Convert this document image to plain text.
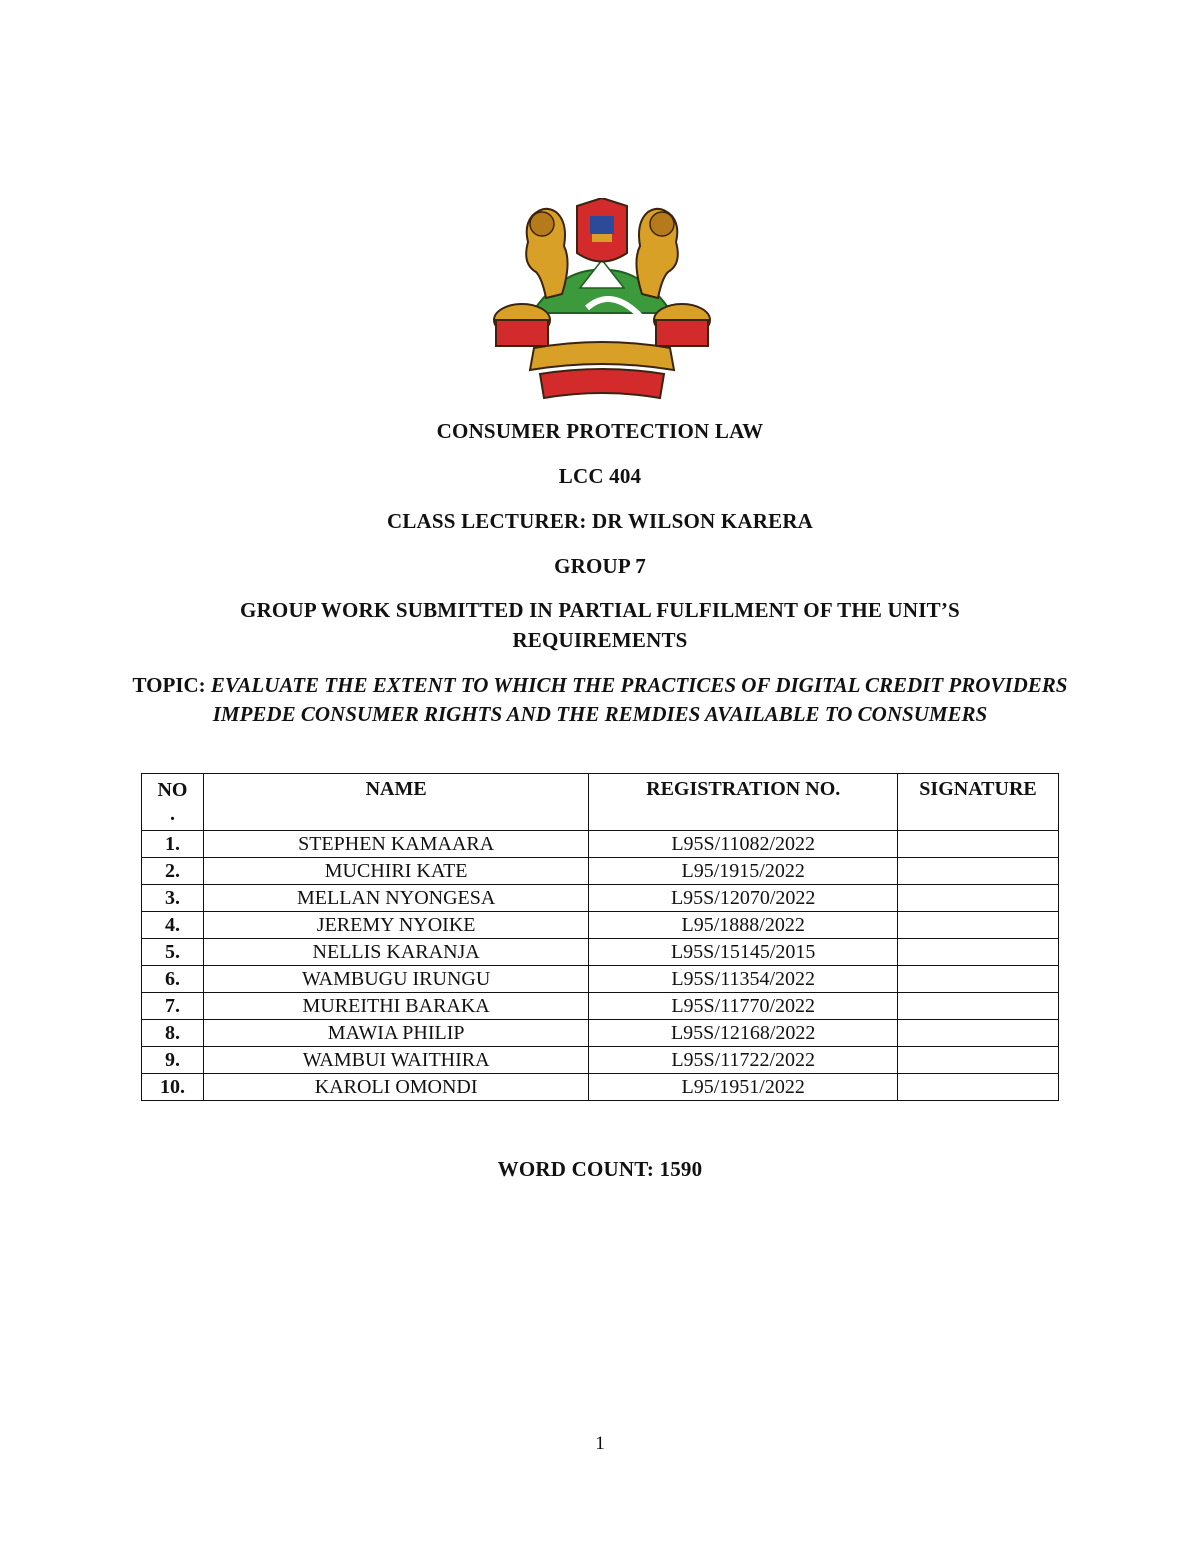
CONSUMER PROTECTION LAW
LCC 404
CLASS LECTURER: DR WILSON KARERA
GROUP 7
GROUP WORK SUBMITTED IN PARTIAL FULFILMENT OF THE UNIT’S
REQUIREMENTS
TOPIC: EVALUATE THE EXTENT TO WHICH THE PRACTICES OF DIGITAL CREDIT PROVIDERS IMPEDE CONSUMER RIGHTS AND THE REMDIES AVAILABLE TO CONSUMERS
NO
.	NAME	REGISTRATION NO.	SIGNATURE
1.	STEPHEN KAMAARA	L95S/11082/2022	
2.	MUCHIRI KATE	L95/1915/2022	
3.	MELLAN NYONGESA	L95S/12070/2022	
4.	JEREMY NYOIKE	L95/1888/2022	
5.	NELLIS KARANJA	L95S/15145/2015	
6.	WAMBUGU IRUNGU	L95S/11354/2022	
7.	MUREITHI BARAKA	L95S/11770/2022	
8.	MAWIA PHILIP	L95S/12168/2022	
9.	WAMBUI WAITHIRA	L95S/11722/2022	
10.	KAROLI OMONDI	L95/1951/2022	
WORD COUNT: 1590
1
